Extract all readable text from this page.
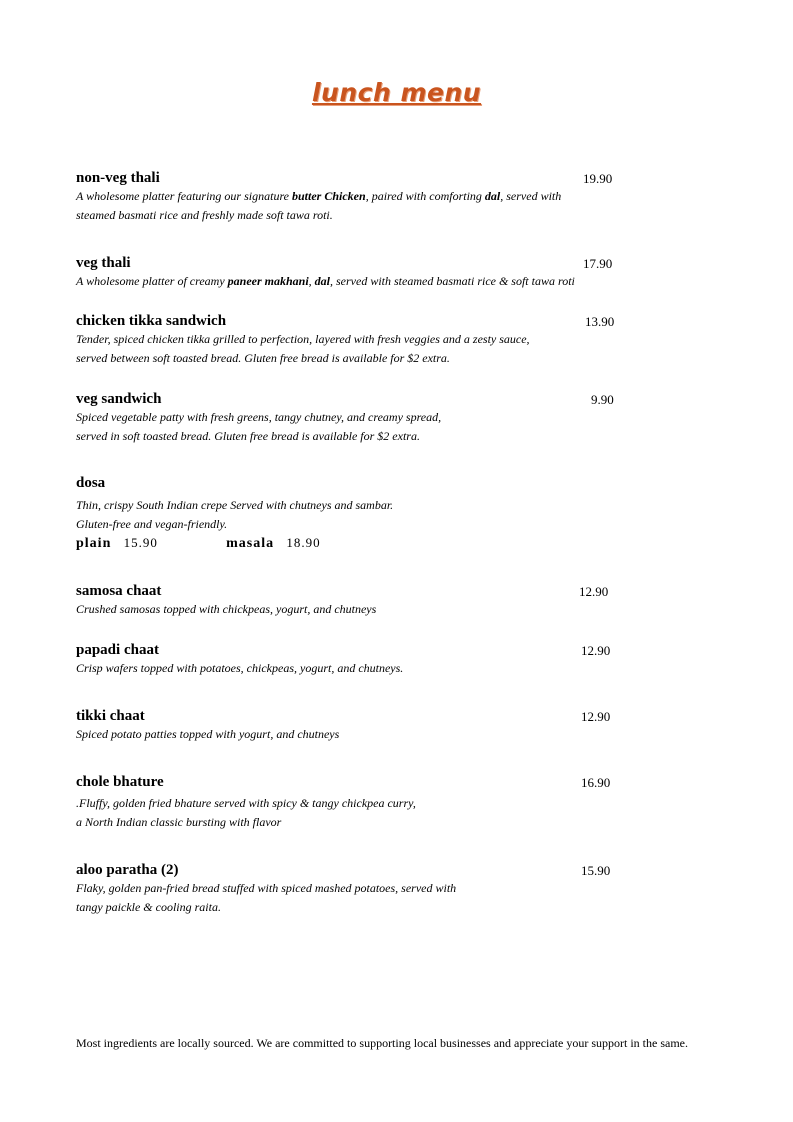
lunch menu
non-veg thali	19.90
A wholesome platter featuring our signature butter Chicken, paired with comforting dal, served with
steamed basmati rice and freshly made soft tawa roti.
veg thali	17.90
A wholesome platter of creamy paneer makhani, dal, served with steamed basmati rice & soft tawa roti
chicken tikka sandwich	13.90
Tender, spiced chicken tikka grilled to perfection, layered with fresh veggies and a zesty sauce,
served between soft toasted bread. Gluten free bread is available for $2 extra.
veg sandwich	9.90
Spiced vegetable patty with fresh greens, tangy chutney, and creamy spread,
served in soft toasted bread. Gluten free bread is available for $2 extra.
dosa
Thin, crispy South Indian crepe Served with chutneys and sambar.
Gluten-free and vegan-friendly.
plain 15.90	masala 18.90
samosa chaat	12.90
Crushed samosas topped with chickpeas, yogurt, and chutneys
papadi chaat	12.90
Crisp wafers topped with potatoes, chickpeas, yogurt, and chutneys.
tikki chaat	12.90
Spiced potato patties topped with yogurt, and chutneys
chole bhature	16.90
.Fluffy, golden fried bhature served with spicy & tangy chickpea curry,
a North Indian classic bursting with flavor
aloo paratha (2)	15.90
Flaky, golden pan-fried bread stuffed with spiced mashed potatoes, served with
tangy paickle & cooling raita.
Most ingredients are locally sourced. We are committed to supporting local businesses and appreciate your support in the same.
